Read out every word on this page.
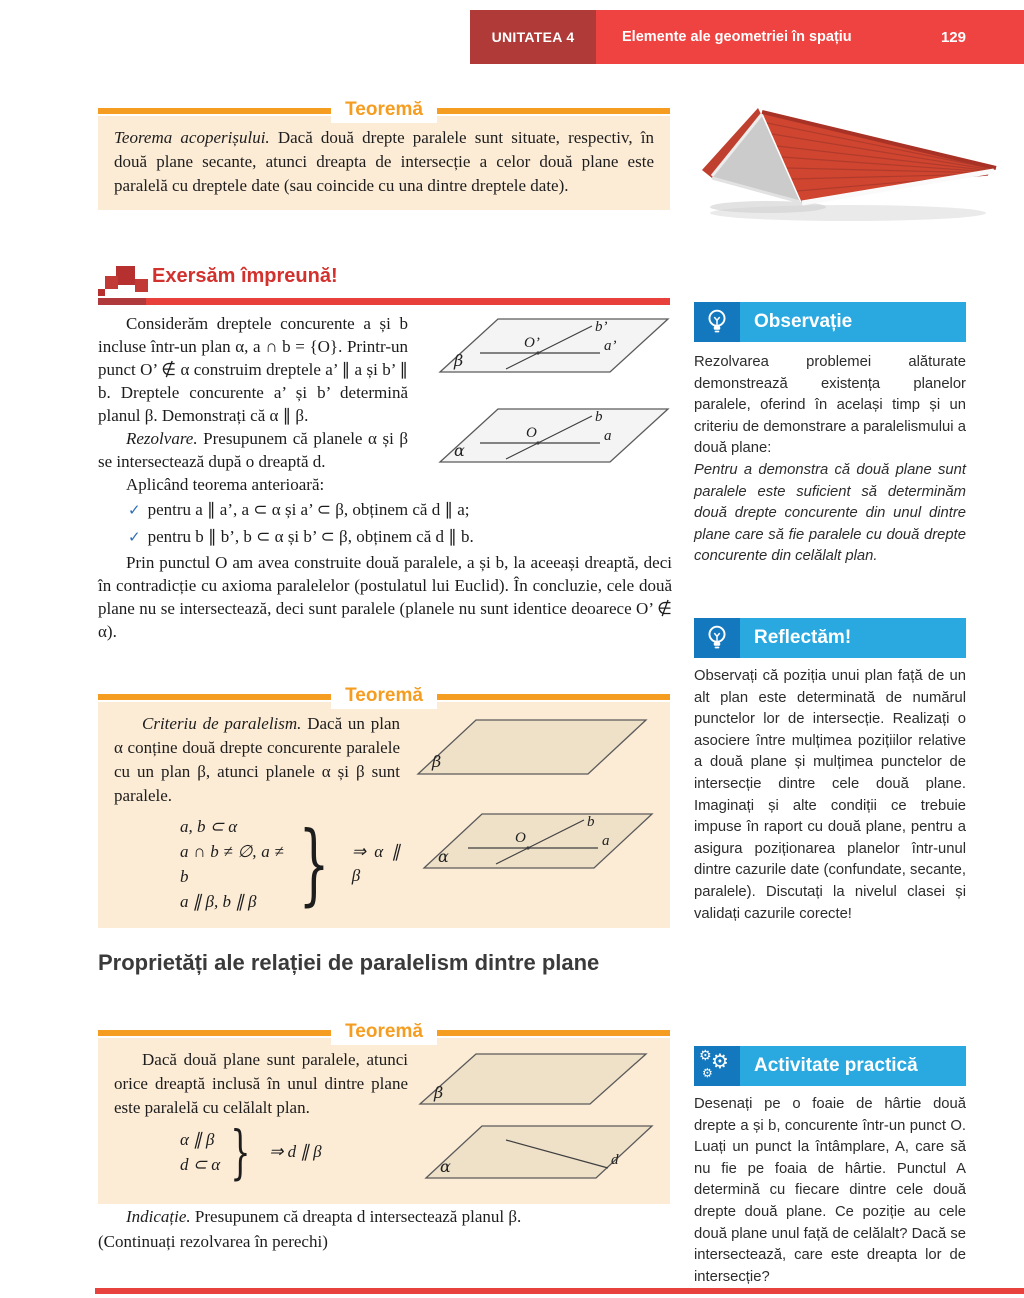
UNITATEA 4	Elemente ale geometriei în spațiu	129
Teoremă
Teorema acoperișului. Dacă două drepte paralele sunt situate, respectiv, în două plane secante, atunci dreapta de intersecție a celor două plane este paralelă cu dreptele date (sau coincide cu una dintre dreptele date).
Exersăm împreună!
O’
b’
a’
β
O
b
a
α

Considerăm dreptele concurente a și b incluse într-un plan α, a ∩ b = {O}. Printr-un punct O’ ∉ α construim dreptele a’ ∥ a și b’ ∥ b. Dreptele concurente a’ și b’ determină planul β. Demonstrați că α ∥ β.

Rezolvare. Presupunem că planele α și β se intersectează după o dreaptă d.

Aplicând teorema anterioară:

✓ pentru a ∥ a’, a ⊂ α și a’ ⊂ β, obținem că d ∥ a;
✓ pentru b ∥ b’, b ⊂ α și b’ ⊂ β, obținem că d ∥ b.

Prin punctul O am avea construite două paralele, a și b, la aceeași dreaptă, deci în contradicție cu axioma paralelelor (postulatul lui Euclid). În concluzie, cele două plane nu se intersectează, deci sunt paralele (planele nu sunt identice deoarece O’ ∉ α).

Teoremă

Criteriu de paralelism. Dacă un plan α conține două drepte concurente paralele cu un plan β, atunci planele α și β sunt paralele.

a, b ⊂ α
a ∩ b ≠ ∅, a ≠ b
a ∥ β, b ∥ β } ⇒ α ∥ β
β
O
b
a
α
Proprietăți ale relației de paralelism dintre plane
Teoremă

Dacă două plane sunt paralele, atunci orice dreaptă inclusă în unul dintre plane este paralelă cu celălalt plan.

α ∥ β
d ⊂ α } ⇒ d ∥ β
β
d
α

Indicație. Presupunem că dreapta d intersectează planul β.

(Continuați rezolvarea în perechi)

Observație

Rezolvarea problemei alăturate demonstrează existența planelor paralele, oferind în același timp și un criteriu de demonstrare a paralelismului a două plane:

Pentru a demonstra că două plane sunt paralele este suficient să determinăm două drepte concurente din unul dintre plane care să fie paralele cu două drepte concurente din celălalt plan.

Reflectăm!

Observați că poziția unui plan față de un alt plan este determinată de numărul punctelor lor de intersecție. Realizați o asociere între mulțimea pozițiilor relative a două plane și mulțimea punctelor de intersecție dintre cele două plane. Imaginați și alte condiții ce trebuie impuse în raport cu două plane, pentru a asigura poziționarea planelor într-unul dintre cazurile date (confundate, secante, paralele). Discutați la nivelul clasei și validați cazurile corecte!

⚙
⚙
⚙	Activitate practică

Desenați pe o foaie de hârtie două drepte a și b, concurente într-un punct O. Luați un punct la întâmplare, A, care să nu fie pe foaia de hârtie. Punctul A determină cu fiecare dintre cele două drepte două plane. Ce poziție au cele două plane unul față de celălalt? Dacă se intersectează, care este dreapta lor de intersecție?
